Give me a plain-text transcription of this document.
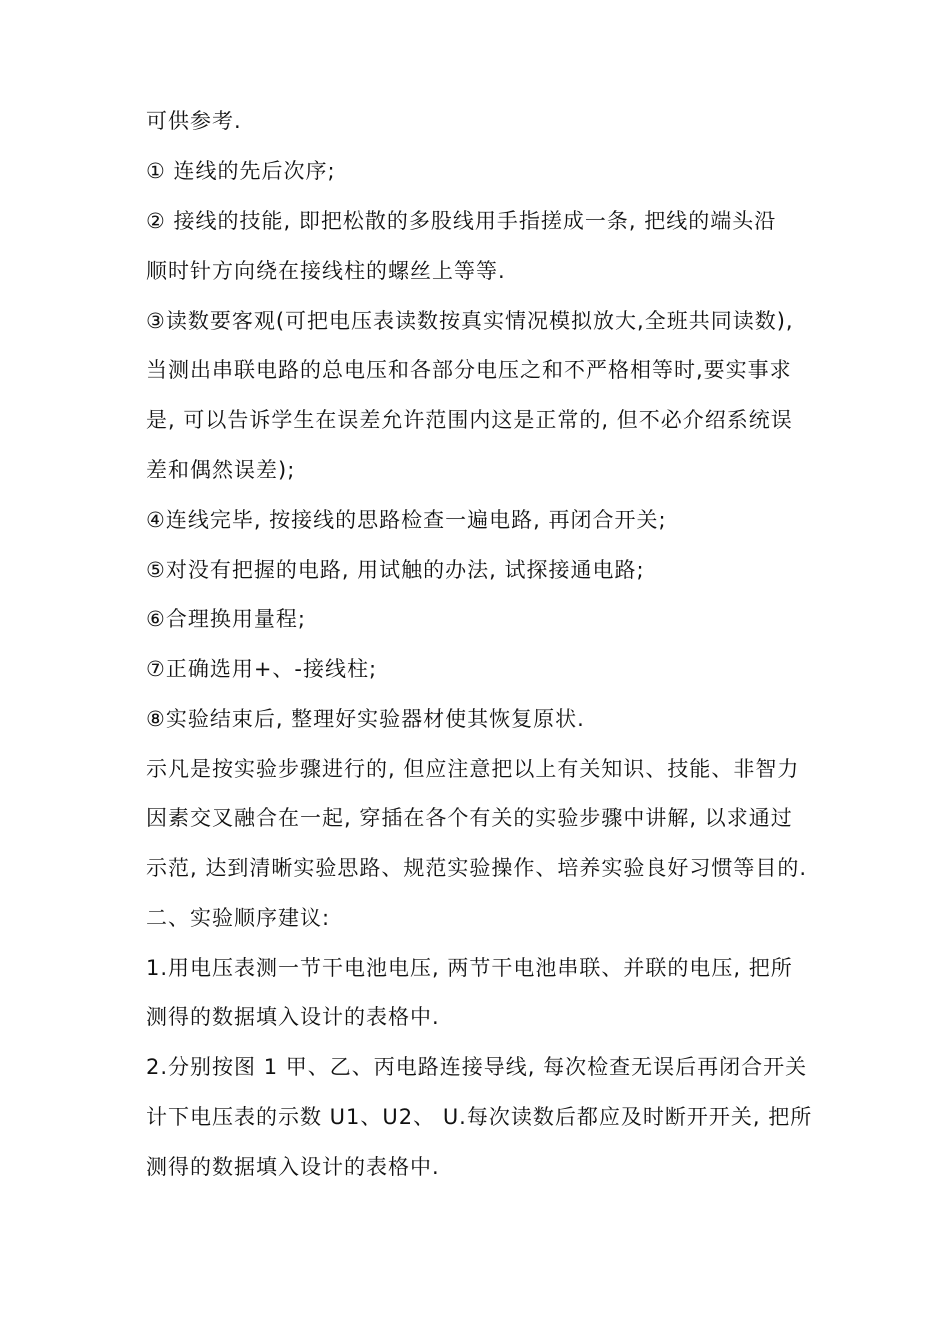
可供参考.
① 连线的先后次序;
② 接线的技能, 即把松散的多股线用手指搓成一条, 把线的端头沿
顺时针方向绕在接线柱的螺丝上等等.
③读数要客观(可把电压表读数按真实情况模拟放大,全班共同读数),
当测出串联电路的总电压和各部分电压之和不严格相等时,要实事求
是, 可以告诉学生在误差允许范围内这是正常的, 但不必介绍系统误
差和偶然误差);
④连线完毕, 按接线的思路检查一遍电路, 再闭合开关;
⑤对没有把握的电路, 用试触的办法, 试探接通电路;
⑥合理换用量程;
⑦正确选用+、-接线柱;
⑧实验结束后, 整理好实验器材使其恢复原状.
示凡是按实验步骤进行的, 但应注意把以上有关知识、技能、非智力
因素交叉融合在一起, 穿插在各个有关的实验步骤中讲解, 以求通过
示范, 达到清晰实验思路、规范实验操作、培养实验良好习惯等目的.
二、实验顺序建议:
1.用电压表测一节干电池电压, 两节干电池串联、并联的电压, 把所
测得的数据填入设计的表格中.
2.分别按图 1 甲、乙、丙电路连接导线, 每次检查无误后再闭合开关
计下电压表的示数 U1、U2、 U.每次读数后都应及时断开开关, 把所
测得的数据填入设计的表格中.
